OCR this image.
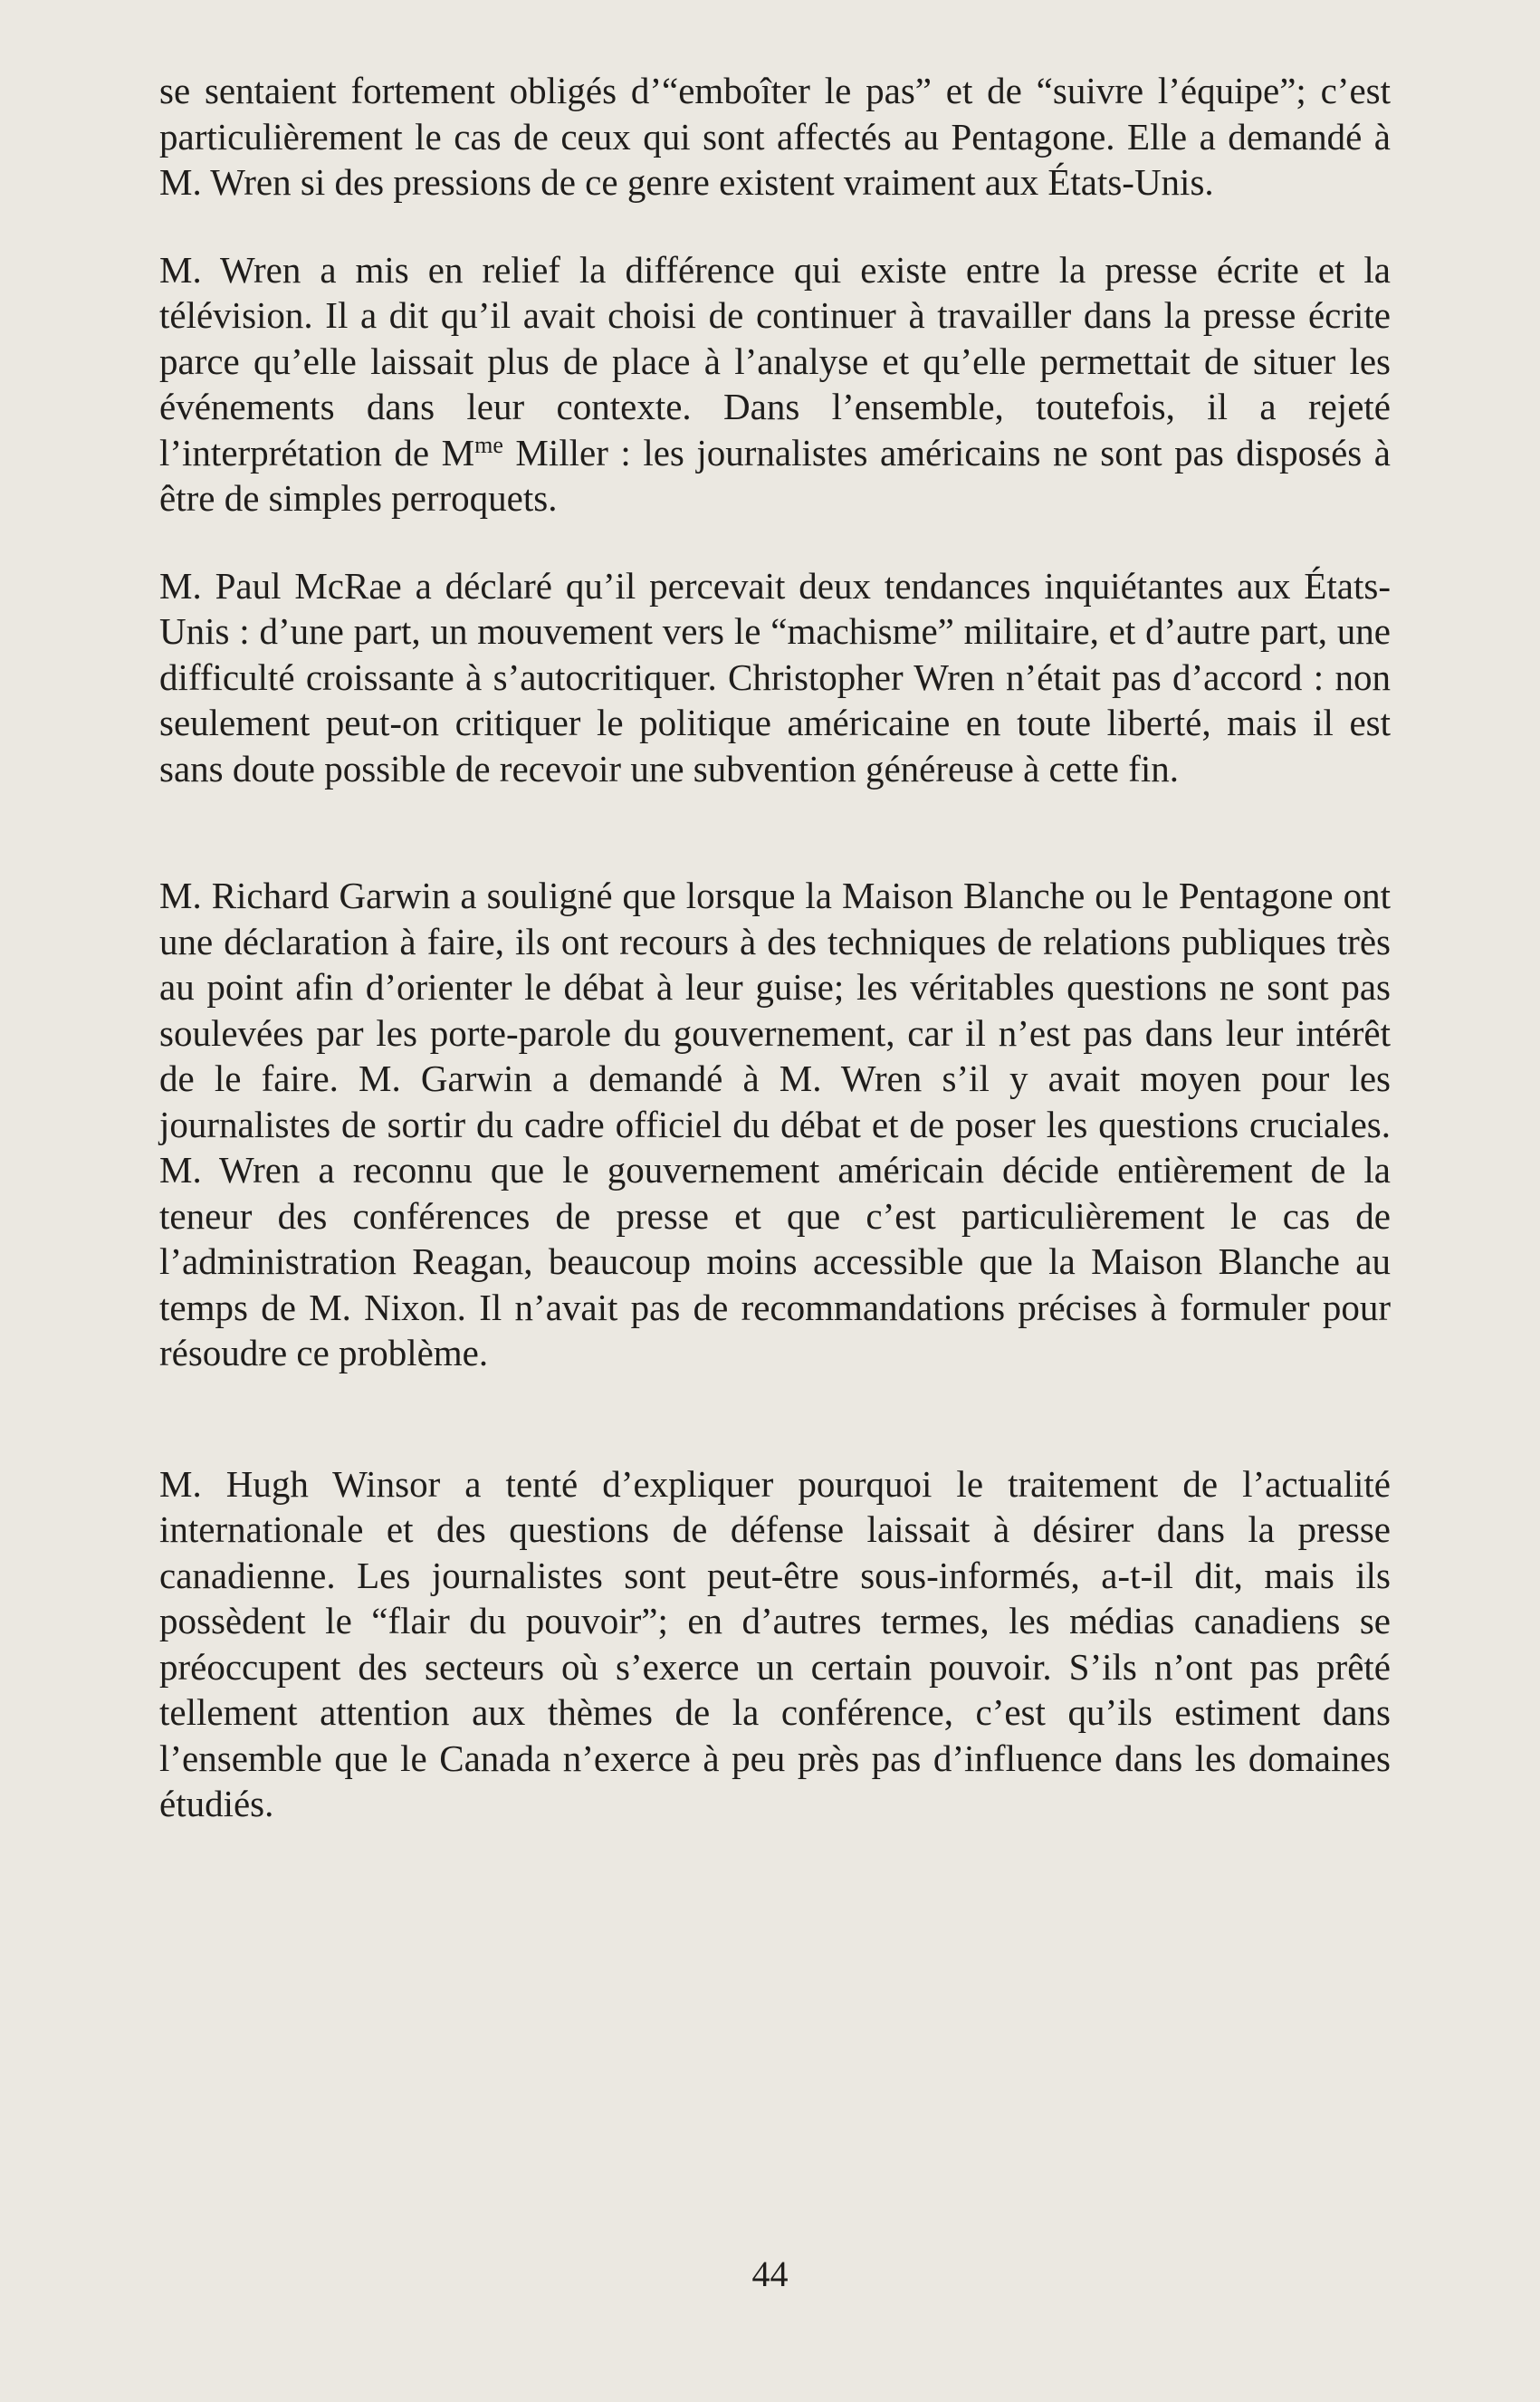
se sentaient fortement obligés d’“emboîter le pas” et de “suivre l’équipe”; c’est particulièrement le cas de ceux qui sont affectés au Pentagone. Elle a demandé à M. Wren si des pressions de ce genre existent vraiment aux États-Unis.

M. Wren a mis en relief la différence qui existe entre la presse écrite et la télévision. Il a dit qu’il avait choisi de continuer à travailler dans la presse écrite parce qu’elle laissait plus de place à l’analyse et qu’elle permettait de situer les événements dans leur contexte. Dans l’ensemble, toutefois, il a rejeté l’interprétation de $M^{me}$ Miller : les journalistes américains ne sont pas disposés à être de simples perroquets.

M. Paul McRae a déclaré qu’il percevait deux tendances inquiétantes aux États-Unis : d’une part, un mouvement vers le “machisme” militaire, et d’autre part, une difficulté croissante à s’autocritiquer. Christopher Wren n’était pas d’accord : non seulement peut-on critiquer le politique américaine en toute liberté, mais il est sans doute possible de recevoir une subvention généreuse à cette fin.

M. Richard Garwin a souligné que lorsque la Maison Blanche ou le Pentagone ont une déclaration à faire, ils ont recours à des techniques de relations publiques très au point afin d’orienter le débat à leur guise; les véritables questions ne sont pas soulevées par les porte-parole du gouvernement, car il n’est pas dans leur intérêt de le faire. M. Garwin a demandé à M. Wren s’il y avait moyen pour les journalistes de sortir du cadre officiel du débat et de poser les questions cruciales. M. Wren a reconnu que le gouvernement américain décide entièrement de la teneur des conférences de presse et que c’est particulièrement le cas de l’administration Reagan, beaucoup moins accessible que la Maison Blanche au temps de M. Nixon. Il n’avait pas de recommandations précises à formuler pour résoudre ce problème.

M. Hugh Winsor a tenté d’expliquer pourquoi le traitement de l’actualité internationale et des questions de défense laissait à désirer dans la presse canadienne. Les journalistes sont peut-être sous-informés, a-t-il dit, mais ils possèdent le “flair du pouvoir”; en d’autres termes, les médias canadiens se préoccupent des secteurs où s’exerce un certain pouvoir. S’ils n’ont pas prêté tellement attention aux thèmes de la conférence, c’est qu’ils estiment dans l’ensemble que le Canada n’exerce à peu près pas d’influence dans les domaines étudiés.

44
